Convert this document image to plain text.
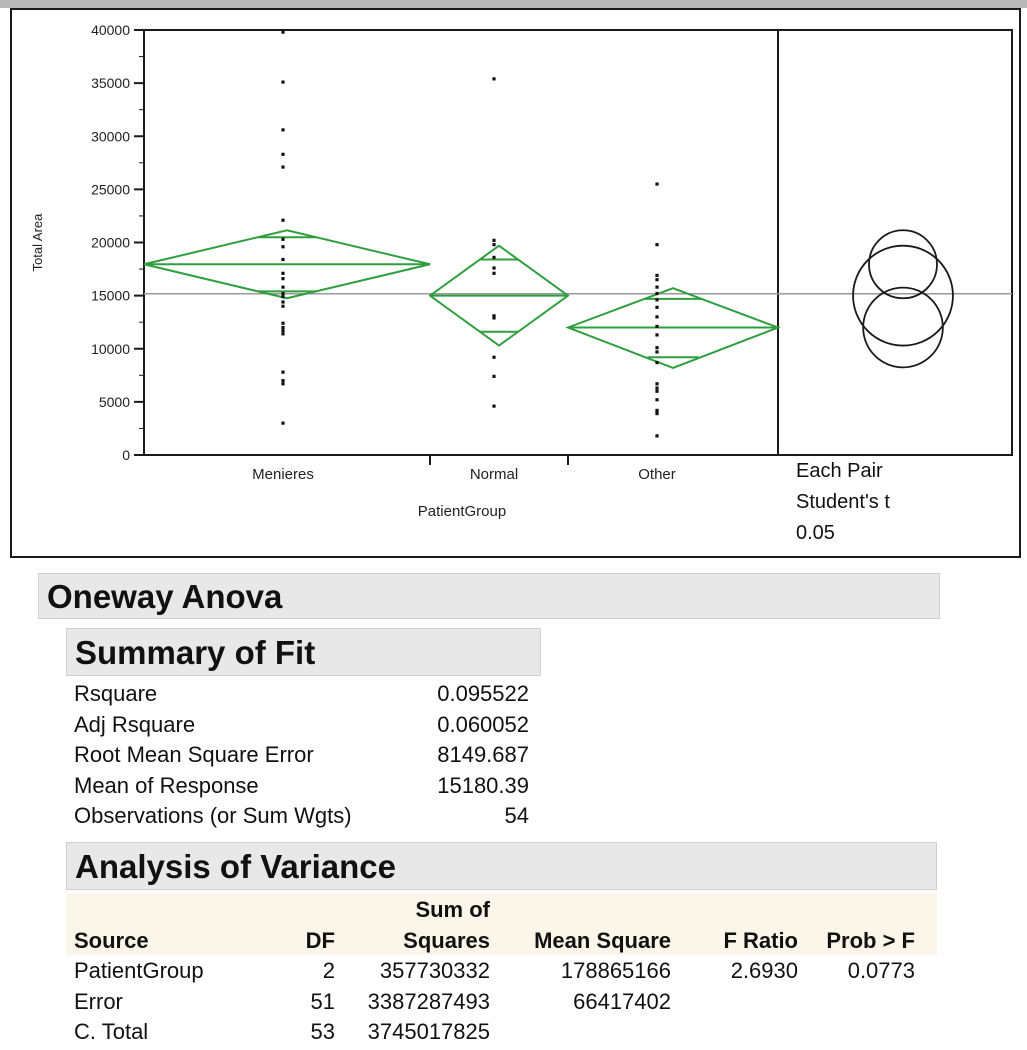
0
5000
10000
15000
20000
25000
30000
35000
40000
Total Area
Menieres	Normal	Other
PatientGroup
Each Pair
Student's t
0.05
Oneway Anova
Summary of Fit
Rsquare	0.095522
Adj Rsquare	0.060052
Root Mean Square Error	8149.687
Mean of Response	15180.39
Observations (or Sum Wgts)	54
Analysis of Variance
		Sum of			
Source	DF	Squares	Mean Square	F Ratio	Prob > F
PatientGroup	2	357730332	178865166	2.6930	0.0773
Error	51	3387287493	66417402		
C. Total	53	3745017825			
